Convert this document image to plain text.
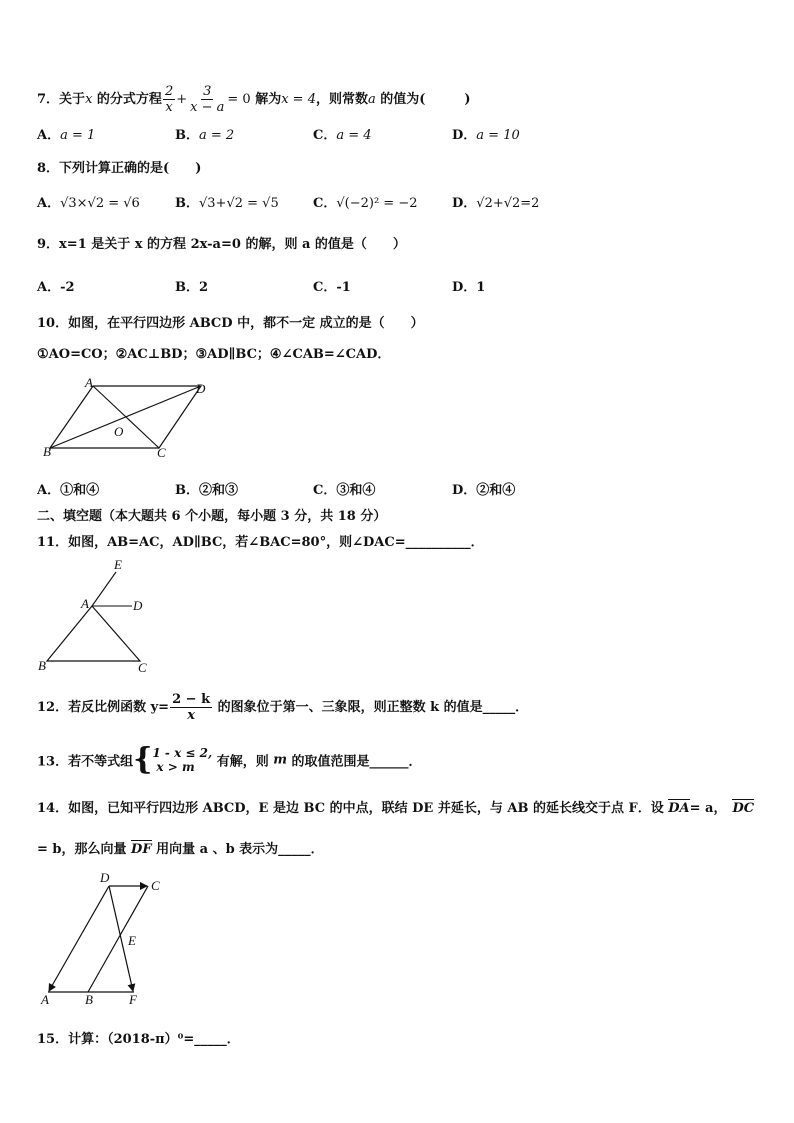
7．关于x 的分式方程 $\frac{2}{x} + \frac{3}{x - a} = 0$ 解为x = 4，则常数a 的值为(　　　)
A．a = 1	B．a = 2	C．a = 4	D．a = 10
8．下列计算正确的是(　　)
A．√3×√2 = √6	B．√3+√2 = √5	C．√(−2)² = −2	D．√2+√2=2
9．x=1 是关于 x 的方程 2x-a=0 的解，则 a 的值是（　　）
A．-2	B．2	C．-1	D．1
10．如图，在平行四边形 ABCD 中，都不一定 成立的是（　　）
①AO=CO；②AC⊥BD；③AD∥BC；④∠CAB=∠CAD．
A	D
B	C
O
A．①和④	B．②和③	C．③和④	D．②和④
二、填空题（本大题共 6 个小题，每小题 3 分，共 18 分）
11．如图，AB=AC，AD∥BC，若∠BAC=80°，则∠DAC=__________．
E
A	D
B	C
12．若反比例函数 $y= \frac{2 - k}{x}$ 的图象位于第一、三象限，则正整数 k 的值是_____．
13．若不等式组{ 1 - x ≤ 2,
x > m	有解，则 m 的取值范围是______．
14．如图，已知平行四边形 ABCD，E 是边 BC 的中点，联结 DE 并延长，与 AB 的延长线交于点 F．设 DA= a， DC
= b，那么向量 DF 用向量 a 、b 表示为_____．
D
C
E
A	B	F
15．计算：（2018-π）⁰=_____．
